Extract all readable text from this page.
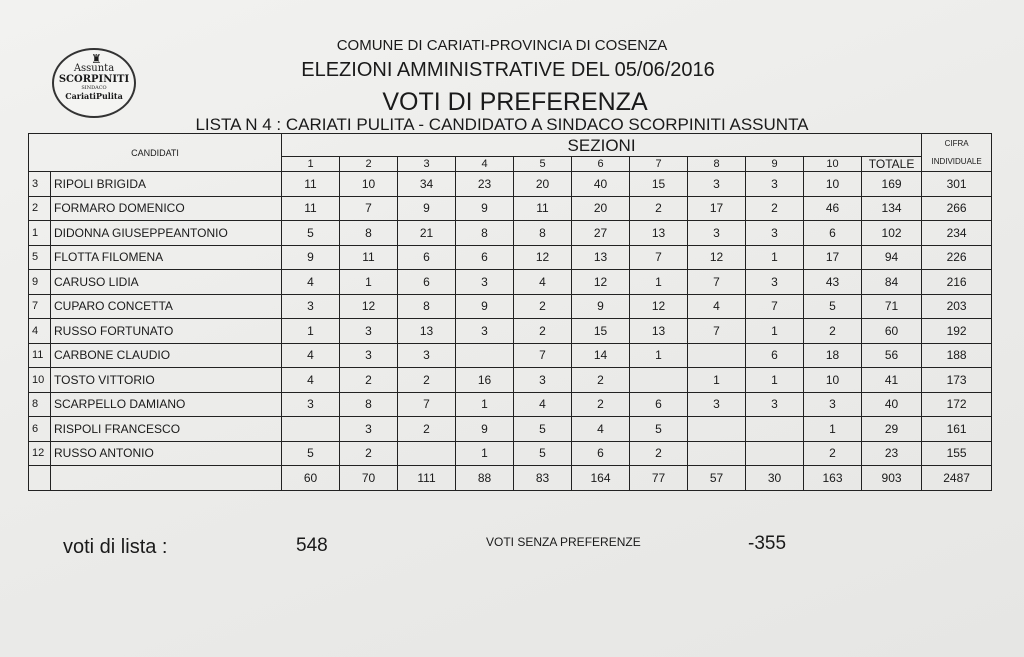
♜
Assunta
SCORPINITI
SINDACO
CariatiPulita
COMUNE DI CARIATI-PROVINCIA DI COSENZA
ELEZIONI AMMINISTRATIVE DEL 05/06/2016
VOTI DI PREFERENZA
LISTA N 4 : CARIATI PULITA - CANDIDATO A SINDACO SCORPINITI ASSUNTA
CANDIDATI		SEZIONI											CIFRA
INDIVIDUALE

		1	2	3	4	5	6	7	8	9	10	TOTALE	
3	RIPOLI BRIGIDA	11	10	34	23	20	40	15	3	3	10	169	301
2	FORMARO DOMENICO	11	7	9	9	11	20	2	17	2	46	134	266
1	DIDONNA GIUSEPPEANTONIO	5	8	21	8	8	27	13	3	3	6	102	234
5	FLOTTA FILOMENA	9	11	6	6	12	13	7	12	1	17	94	226
9	CARUSO LIDIA	4	1	6	3	4	12	1	7	3	43	84	216
7	CUPARO CONCETTA	3	12	8	9	2	9	12	4	7	5	71	203
4	RUSSO FORTUNATO	1	3	13	3	2	15	13	7	1	2	60	192
11	CARBONE CLAUDIO	4	3	3		7	14	1		6	18	56	188
10	TOSTO VITTORIO	4	2	2	16	3	2		1	1	10	41	173
8	SCARPELLO DAMIANO	3	8	7	1	4	2	6	3	3	3	40	172
6	RISPOLI FRANCESCO		3	2	9	5	4	5			1	29	161
12	RUSSO ANTONIO	5	2		1	5	6	2			2	23	155
		60	70	111	88	83	164	77	57	30	163	903	2487
voti di lista :	548	VOTI SENZA PREFERENZE	-355
